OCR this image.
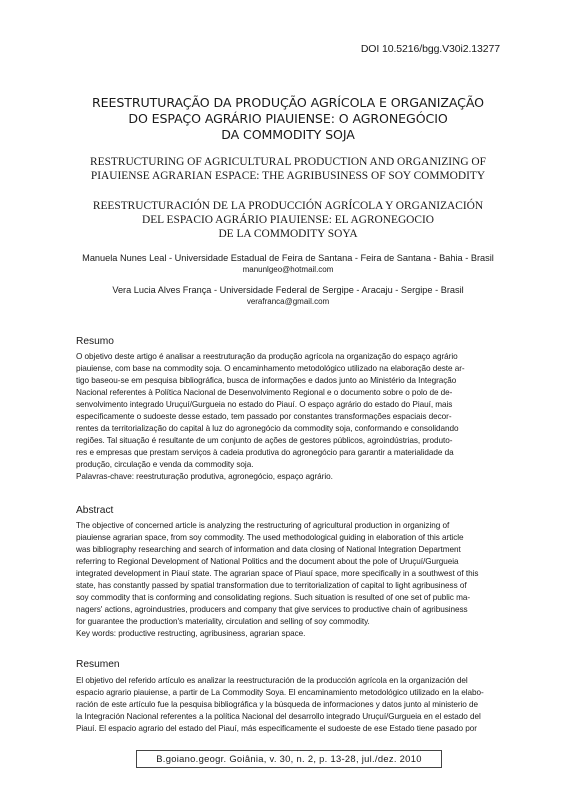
DOI 10.5216/bgg.V30i2.13277
REESTRUTURAÇÃO DA PRODUÇÃO AGRÍCOLA E ORGANIZAÇÃO
DO ESPAÇO AGRÁRIO PIAUIENSE: O AGRONEGÓCIO
DA COMMODITY SOJA
RESTRUCTURING OF AGRICULTURAL PRODUCTION AND ORGANIZING OF
PIAUIENSE AGRARIAN ESPACE: THE AGRIBUSINESS OF SOY COMMODITY
REESTRUCTURACIÓN DE LA PRODUCCIÓN AGRÍCOLA Y ORGANIZACIÓN
DEL ESPACIO AGRÁRIO PIAUIENSE: EL AGRONEGOCIO
DE LA COMMODITY SOYA
Manuela Nunes Leal - Universidade Estadual de Feira de Santana - Feira de Santana - Bahia - Brasil
manunlgeo@hotmail.com
Vera Lucia Alves França - Universidade Federal de Sergipe - Aracaju - Sergipe - Brasil
verafranca@gmail.com
Resumo
O objetivo deste artigo é analisar a reestruturação da produção agrícola na organização do espaço agrário
piauiense, com base na commodity soja. O encaminhamento metodológico utilizado na elaboração deste ar-
tigo baseou-se em pesquisa bibliográfica, busca de informações e dados junto ao Ministério da Integração
Nacional referentes à Política Nacional de Desenvolvimento Regional e o documento sobre o polo de de-
senvolvimento integrado Uruçuí/Gurgueia no estado do Piauí. O espaço agrário do estado do Piauí, mais
especificamente o sudoeste desse estado, tem passado por constantes transformações espaciais decor-
rentes da territorialização do capital à luz do agronegócio da commodity soja, conformando e consolidando
regiões. Tal situação é resultante de um conjunto de ações de gestores públicos, agroindústrias, produto-
res e empresas que prestam serviços à cadeia produtiva do agronegócio para garantir a materialidade da
produção, circulação e venda da commodity soja.
Palavras-chave: reestruturação produtiva, agronegócio, espaço agrário.
Abstract
The objective of concerned article is analyzing the restructuring of agricultural production in organizing of
piauiense agrarian space, from soy commodity. The used methodological guiding in elaboration of this article
was bibliography researching and search of information and data closing of National Integration Department
referring to Regional Development of National Politics and the document about the pole of Uruçuí/Gurgueia
integrated development in Piauí state. The agrarian space of Piauí space, more specifically in a southwest of this
state, has constantly passed by spatial transformation due to territorialization of capital to light agribusiness of
soy commodity that is conforming and consolidating regions. Such situation is resulted of one set of public ma-
nagers' actions, agroindustries, producers and company that give services to productive chain of agribusiness
for guarantee the production's materiality, circulation and selling of soy commodity.
Key words: productive restructing, agribusiness, agrarian space.
Resumen
El objetivo del referido artículo es analizar la reestructuración de la producción agrícola en la organización del
espacio agrario piauiense, a partir de La Commodity Soya. El encaminamiento metodológico utilizado en la elabo-
ración de este artículo fue la pesquisa bibliográfica y la búsqueda de informaciones y datos junto al ministerio de
la Integración Nacional referentes a la política Nacional del desarrollo integrado Uruçuí/Gurgueia en el estado del
Piauí. El espacio agrario del estado del Piauí, más especificamente el sudoeste de ese Estado tiene pasado por
B.goiano.geogr. Goiânia, v. 30, n. 2, p. 13-28, jul./dez. 2010
